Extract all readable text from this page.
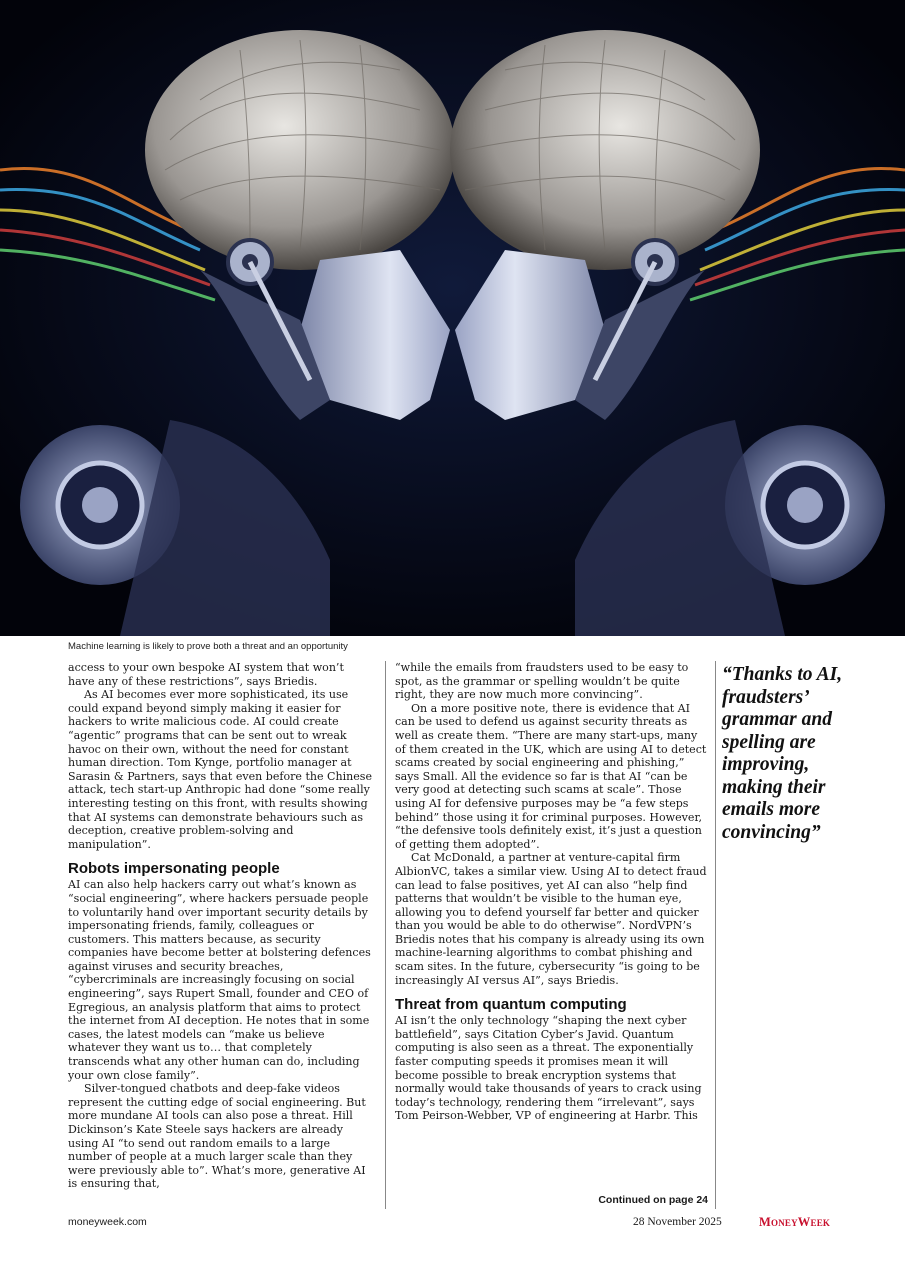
Machine learning is likely to prove both a threat and an opportunity

access to your own bespoke AI system that won’t have any of these restrictions”, says Briedis.

As AI becomes ever more sophisticated, its use could expand beyond simply making it easier for hackers to write malicious code. AI could create “agentic” programs that can be sent out to wreak havoc on their own, without the need for constant human direction. Tom Kynge, portfolio manager at Sarasin & Partners, says that even before the Chinese attack, tech start-up Anthropic had done “some really interesting testing on this front, with results showing that AI systems can demonstrate behaviours such as deception, creative problem-solving and manipulation”.

Robots impersonating people

AI can also help hackers carry out what’s known as “social engineering”, where hackers persuade people to voluntarily hand over important security details by impersonating friends, family, colleagues or customers. This matters because, as security companies have become better at bolstering defences against viruses and security breaches, “cybercriminals are increasingly focusing on social engineering”, says Rupert Small, founder and CEO of Egregious, an analysis platform that aims to protect the internet from AI deception. He notes that in some cases, the latest models can “make us believe whatever they want us to… that completely transcends what any other human can do, including your own close family”.

Silver-tongued chatbots and deep-fake videos represent the cutting edge of social engineering. But more mundane AI tools can also pose a threat. Hill Dickinson’s Kate Steele says hackers are already using AI “to send out random emails to a large number of people at a much larger scale than they were previously able to”. What’s more, generative AI is ensuring that,

“while the emails from fraudsters used to be easy to spot, as the grammar or spelling wouldn’t be quite right, they are now much more convincing”.

On a more positive note, there is evidence that AI can be used to defend us against security threats as well as create them. “There are many start-ups, many of them created in the UK, which are using AI to detect scams created by social engineering and phishing,” says Small. All the evidence so far is that AI “can be very good at detecting such scams at scale”. Those using AI for defensive purposes may be “a few steps behind” those using it for criminal purposes. However, “the defensive tools definitely exist, it’s just a question of getting them adopted”.

Cat McDonald, a partner at venture-capital firm AlbionVC, takes a similar view. Using AI to detect fraud can lead to false positives, yet AI can also “help find patterns that wouldn’t be visible to the human eye, allowing you to defend yourself far better and quicker than you would be able to do otherwise”. NordVPN’s Briedis notes that his company is already using its own machine-learning algorithms to combat phishing and scam sites. In the future, cybersecurity “is going to be increasingly AI versus AI”, says Briedis.

Threat from quantum computing

AI isn’t the only technology “shaping the next cyber battlefield”, says Citation Cyber’s Javid. Quantum computing is also seen as a threat. The exponentially faster computing speeds it promises mean it will become possible to break encryption systems that normally would take thousands of years to crack using today’s technology, rendering them “irrelevant”, says Tom Peirson-Webber, VP of engineering at Harbr. This

“Thanks to AI, fraudsters’ grammar and spelling are improving, making their emails more convincing”
Continued on page 24
moneyweek.com	28 November 2025	MoneyWeek
